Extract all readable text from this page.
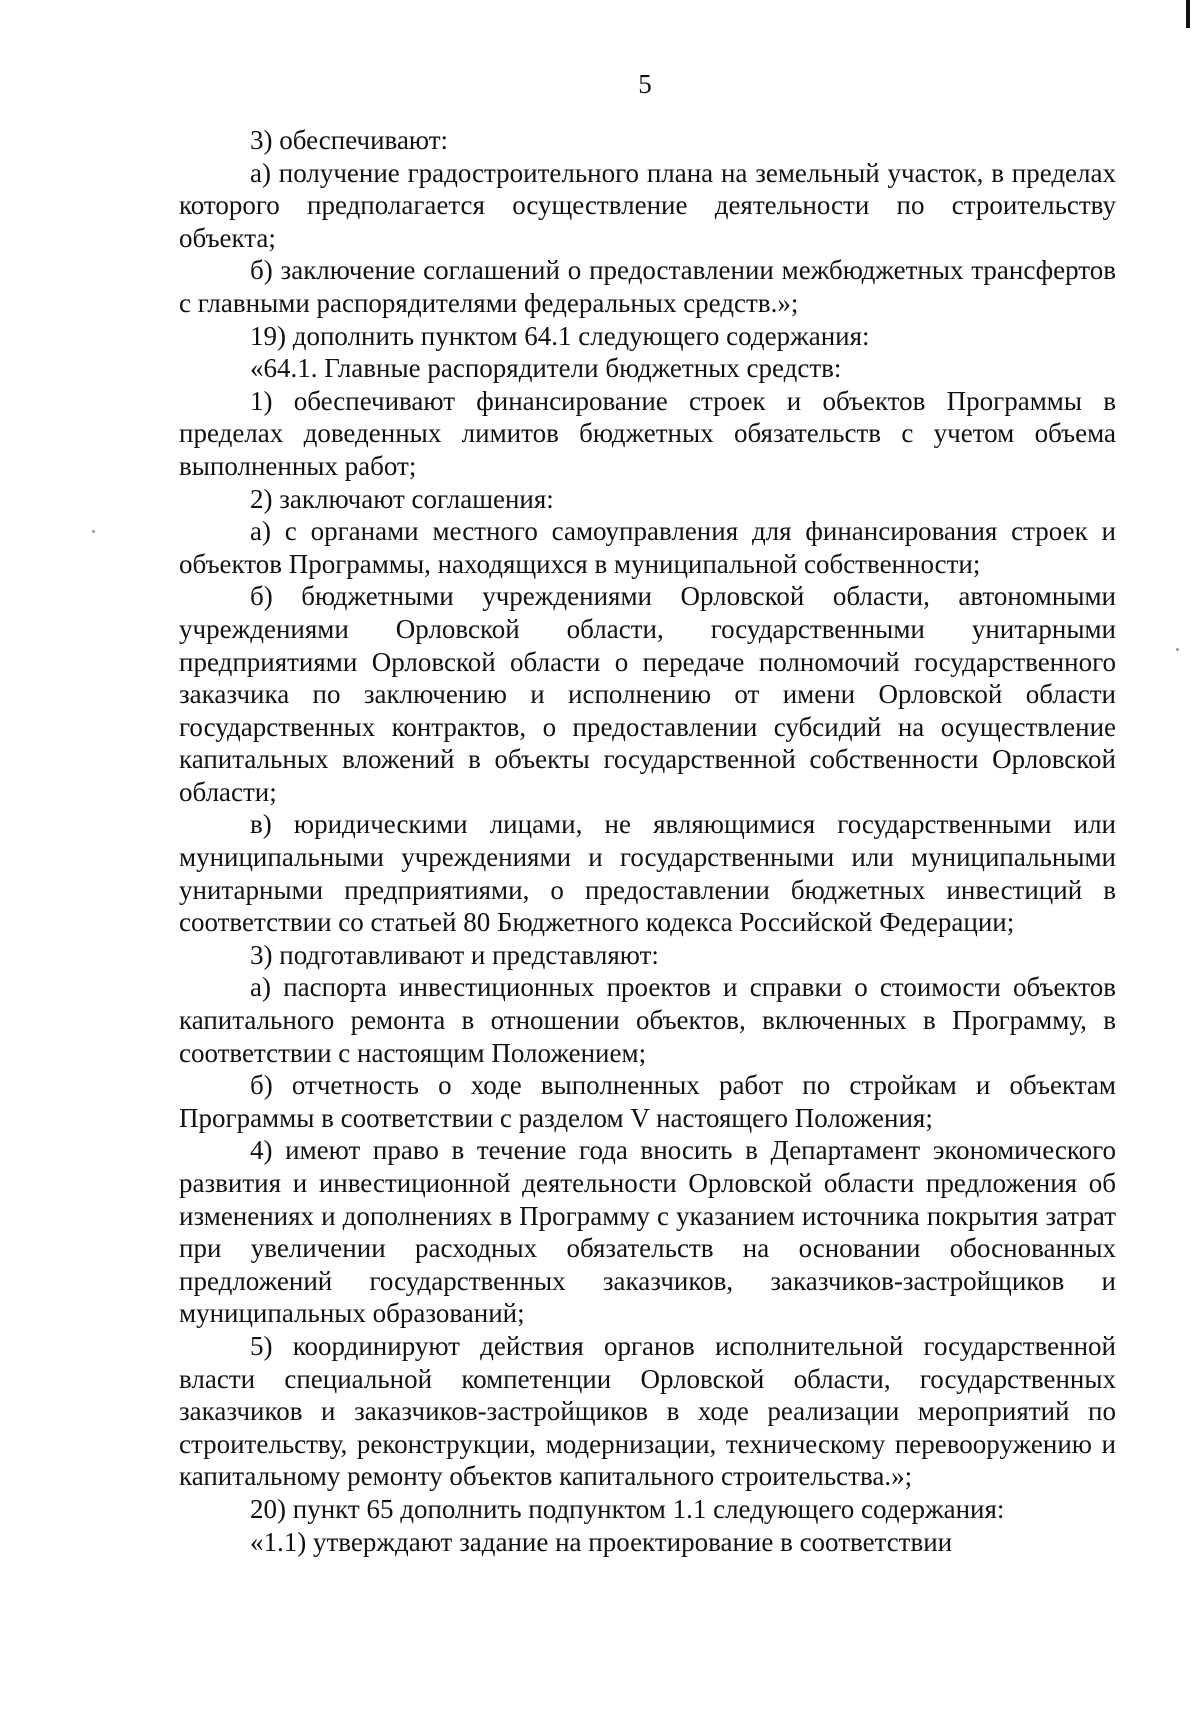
5

3) обеспечивают:

а) получение градостроительного плана на земельный участок, в пределах которого предполагается осуществление деятельности по строительству объекта;

б) заключение соглашений о предоставлении межбюджетных трансфертов с главными распорядителями федеральных средств.»;

19) дополнить пунктом 64.1 следующего содержания:

«64.1. Главные распорядители бюджетных средств:

1) обеспечивают финансирование строек и объектов Программы в пределах доведенных лимитов бюджетных обязательств с учетом объема выполненных работ;

2) заключают соглашения:

а) с органами местного самоуправления для финансирования строек и объектов Программы, находящихся в муниципальной собственности;

б) бюджетными учреждениями Орловской области, автономными учреждениями Орловской области, государственными унитарными предприятиями Орловской области о передаче полномочий государственного заказчика по заключению и исполнению от имени Орловской области государственных контрактов, о предоставлении субсидий на осуществление капитальных вложений в объекты государственной собственности Орловской области;

в) юридическими лицами, не являющимися государственными или муниципальными учреждениями и государственными или муниципальными унитарными предприятиями, о предоставлении бюджетных инвестиций в соответствии со статьей 80 Бюджетного кодекса Российской Федерации;

3) подготавливают и представляют:

а) паспорта инвестиционных проектов и справки о стоимости объектов капитального ремонта в отношении объектов, включенных в Программу, в соответствии с настоящим Положением;

б) отчетность о ходе выполненных работ по стройкам и объектам Программы в соответствии с разделом V настоящего Положения;

4) имеют право в течение года вносить в Департамент экономического развития и инвестиционной деятельности Орловской области предложения об изменениях и дополнениях в Программу с указанием источника покрытия затрат при увеличении расходных обязательств на основании обоснованных предложений государственных заказчиков, заказчиков-застройщиков и муниципальных образований;

5) координируют действия органов исполнительной государственной власти специальной компетенции Орловской области, государственных заказчиков и заказчиков-застройщиков в ходе реализации мероприятий по строительству, реконструкции, модернизации, техническому перевооружению и капитальному ремонту объектов капитального строительства.»;

20) пункт 65 дополнить подпунктом 1.1 следующего содержания:

«1.1) утверждают задание на проектирование в соответствии
